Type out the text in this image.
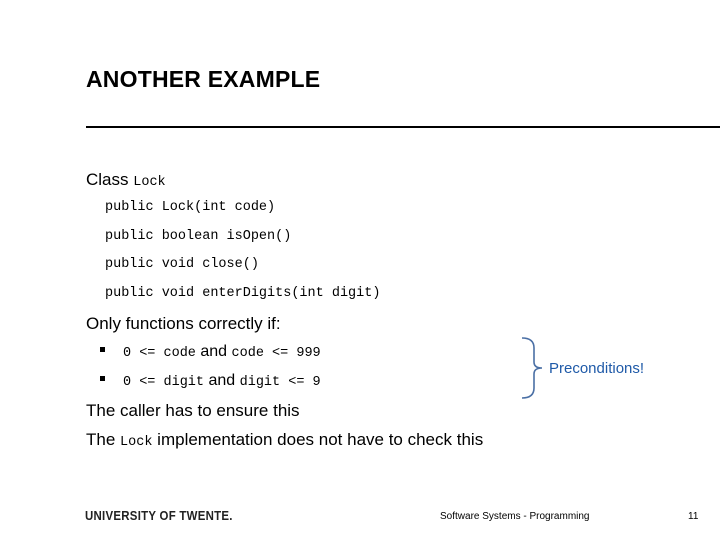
ANOTHER EXAMPLE
Class Lock
public Lock(int code)
public boolean isOpen()
public void close()
public void enterDigits(int digit)
Only functions correctly if:
0 <= code and code <= 999
0 <= digit and digit <= 9
Preconditions!
The caller has to ensure this
The Lock implementation does not have to check this
UNIVERSITY OF TWENTE.	Software Systems - Programming	11
